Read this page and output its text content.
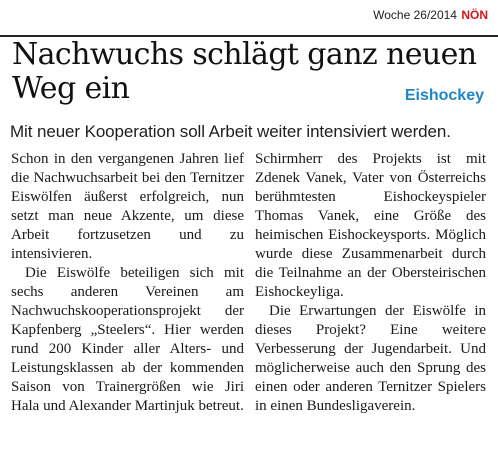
Woche 26/2014 NÖN
Nachwuchs schlägt ganz neuen Weg ein	Eishockey

Mit neuer Kooperation soll Arbeit weiter intensiviert werden.

Schon in den vergangenen Jahren lief die Nachwuchsarbeit bei den Ternitzer Eiswölfen äußerst erfolgreich, nun setzt man neue Akzente, um diese Arbeit fortzusetzen und zu intensivieren.

Die Eiswölfe beteiligen sich mit sechs anderen Vereinen am Nachwuchskooperationsprojekt der Kapfenberg „Steelers“. Hier werden rund 200 Kinder aller Alters- und Leistungsklassen ab der kommenden Saison von Trainergrößen wie Jiri Hala und Alexander Martinjuk betreut.

Schirmherr des Projekts ist mit Zdenek Vanek, Vater von Österreichs berühmtesten Eishockeyspieler Thomas Vanek, eine Größe des heimischen Eishockeysports. Möglich wurde diese Zusammenarbeit durch die Teilnahme an der Obersteirischen Eishockeyliga.

Die Erwartungen der Eiswölfe in dieses Projekt? Eine weitere Verbesserung der Jugendarbeit. Und möglicherweise auch den Sprung des einen oder anderen Ternitzer Spielers in einen Bundesligaverein.
